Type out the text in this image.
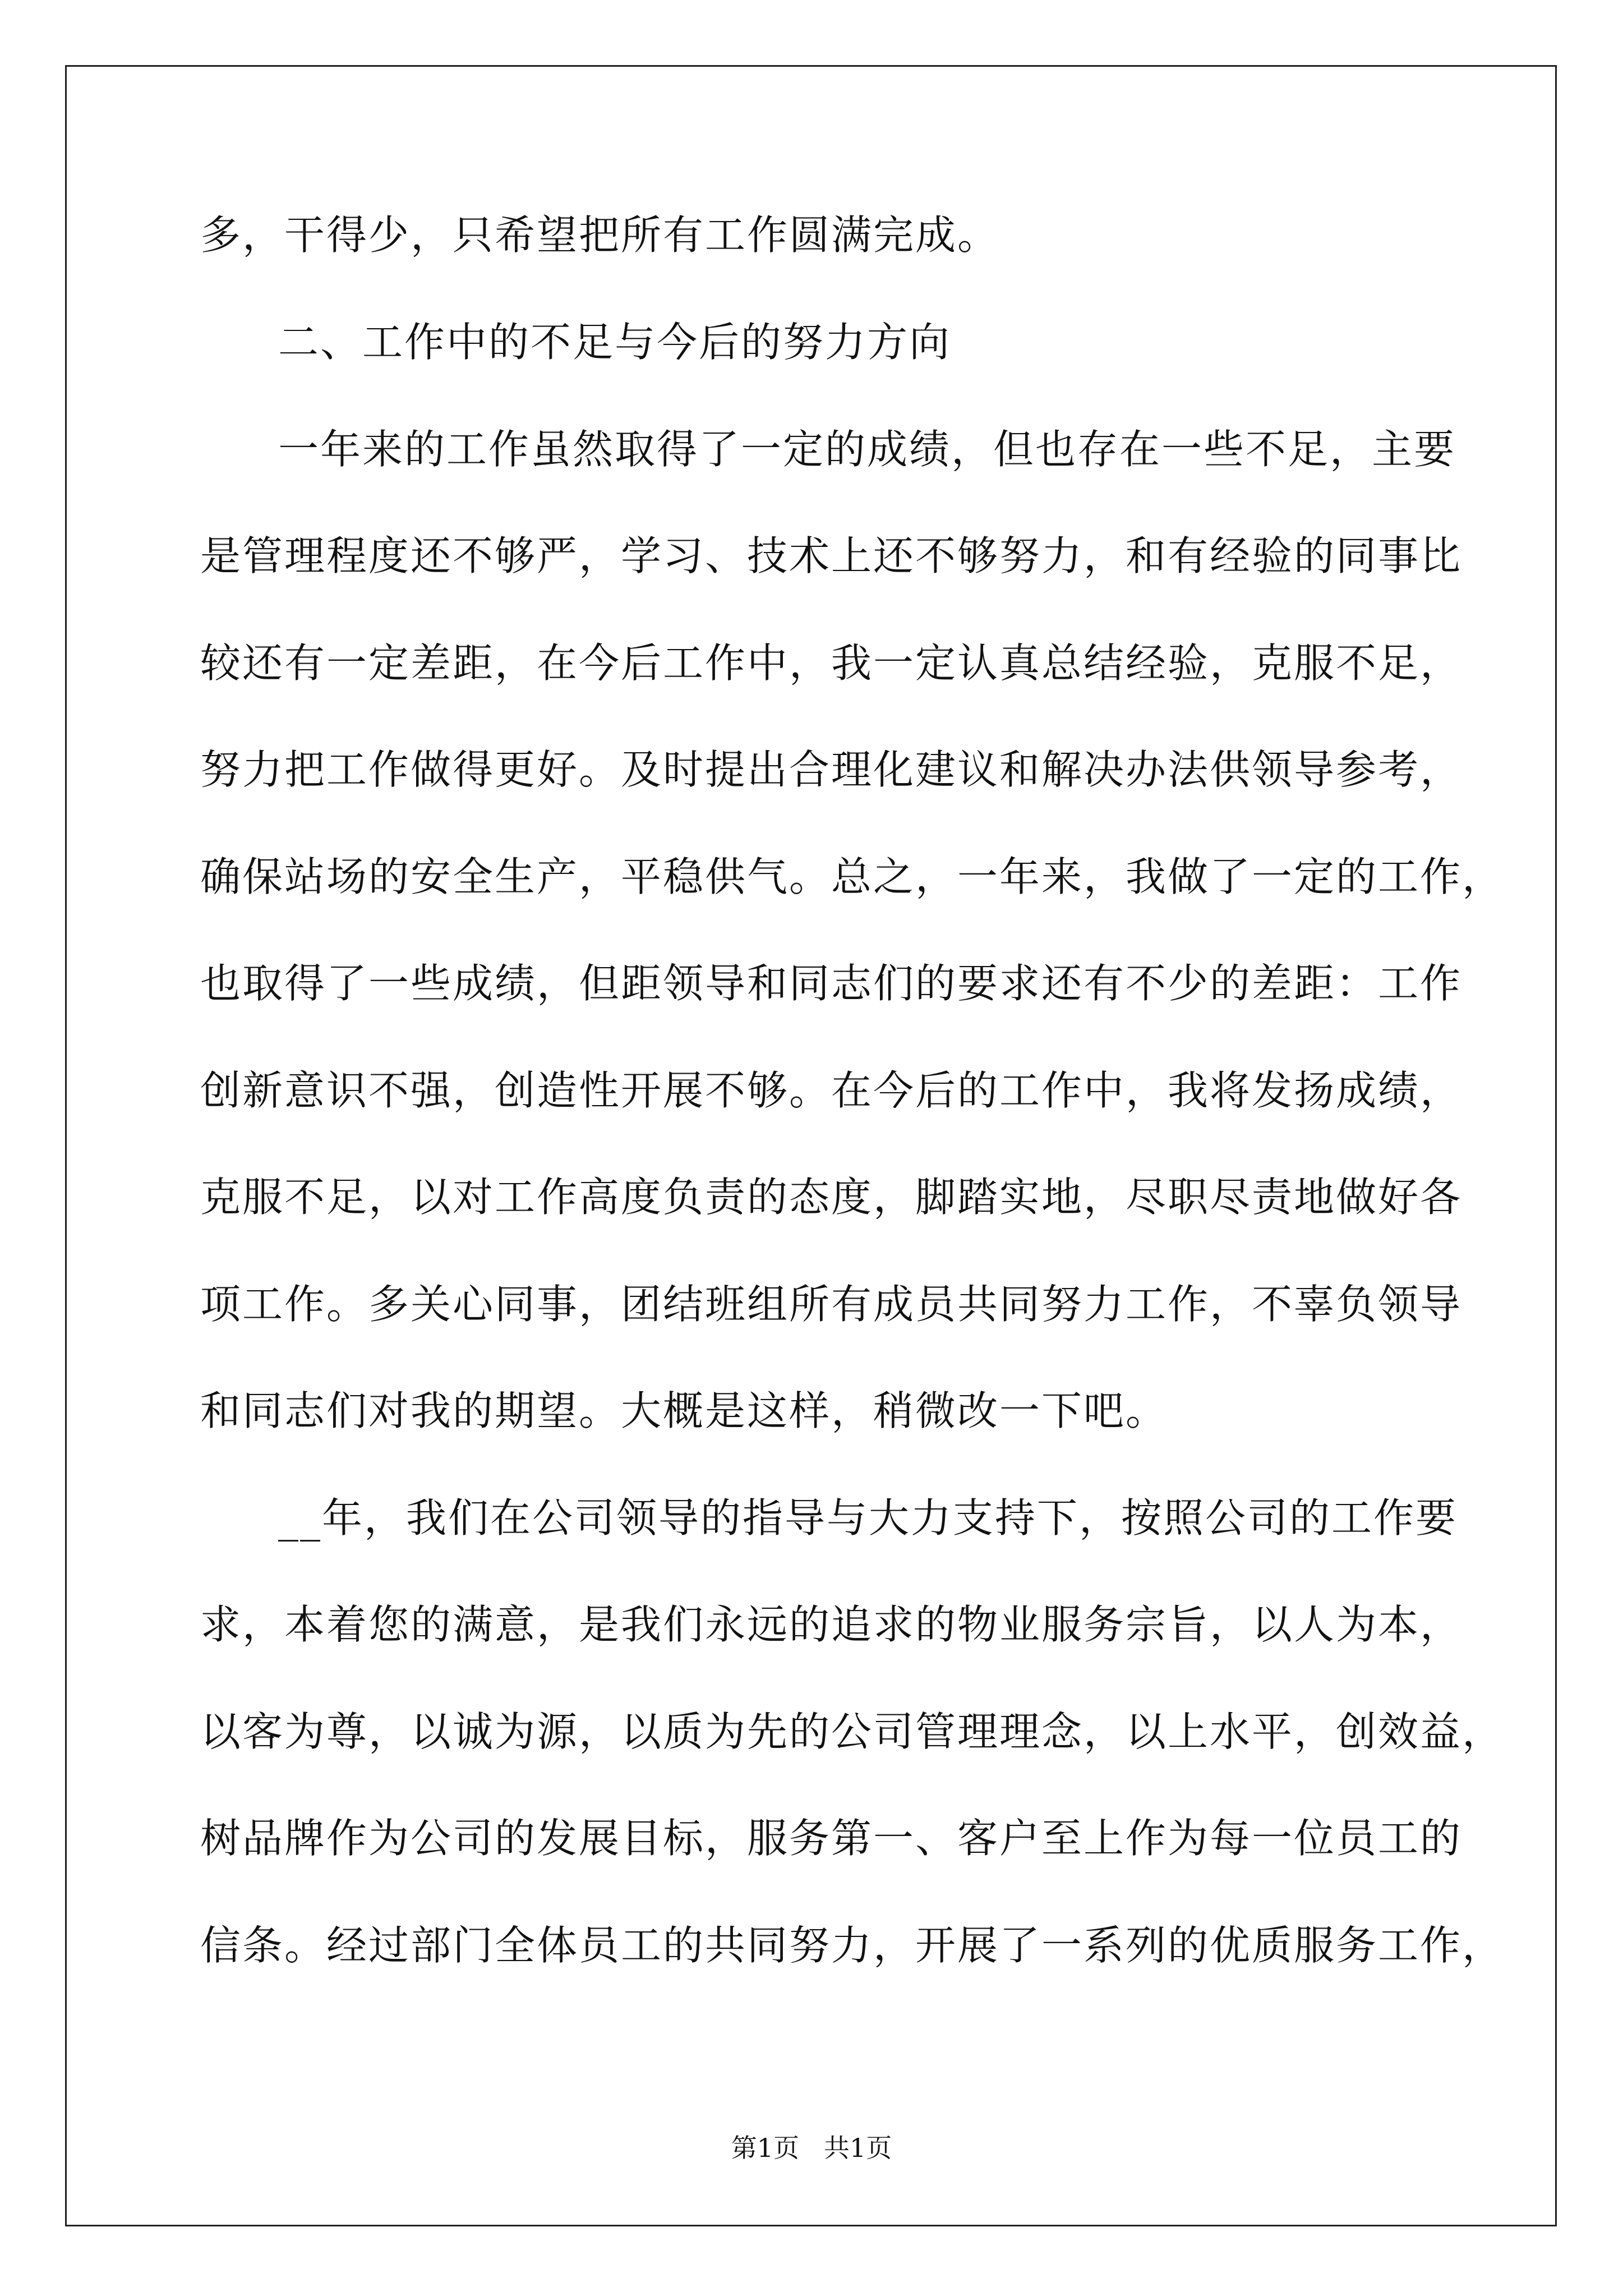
多，干得少，只希望把所有工作圆满完成。
二、工作中的不足与今后的努力方向
一年来的工作虽然取得了一定的成绩，但也存在一些不足，主要
是管理程度还不够严，学习、技术上还不够努力，和有经验的同事比
较还有一定差距，在今后工作中，我一定认真总结经验，克服不足，
努力把工作做得更好。及时提出合理化建议和解决办法供领导参考，
确保站场的安全生产，平稳供气。总之，一年来，我做了一定的工作，
也取得了一些成绩，但距领导和同志们的要求还有不少的差距：工作
创新意识不强，创造性开展不够。在今后的工作中，我将发扬成绩，
克服不足，以对工作高度负责的态度，脚踏实地，尽职尽责地做好各
项工作。多关心同事，团结班组所有成员共同努力工作，不辜负领导
和同志们对我的期望。大概是这样，稍微改一下吧。
__年，我们在公司领导的指导与大力支持下，按照公司的工作要
求，本着您的满意，是我们永远的追求的物业服务宗旨，以人为本，
以客为尊，以诚为源，以质为先的公司管理理念，以上水平，创效益，
树品牌作为公司的发展目标，服务第一、客户至上作为每一位员工的
信条。经过部门全体员工的共同努力，开展了一系列的优质服务工作，
第1页   共1页
